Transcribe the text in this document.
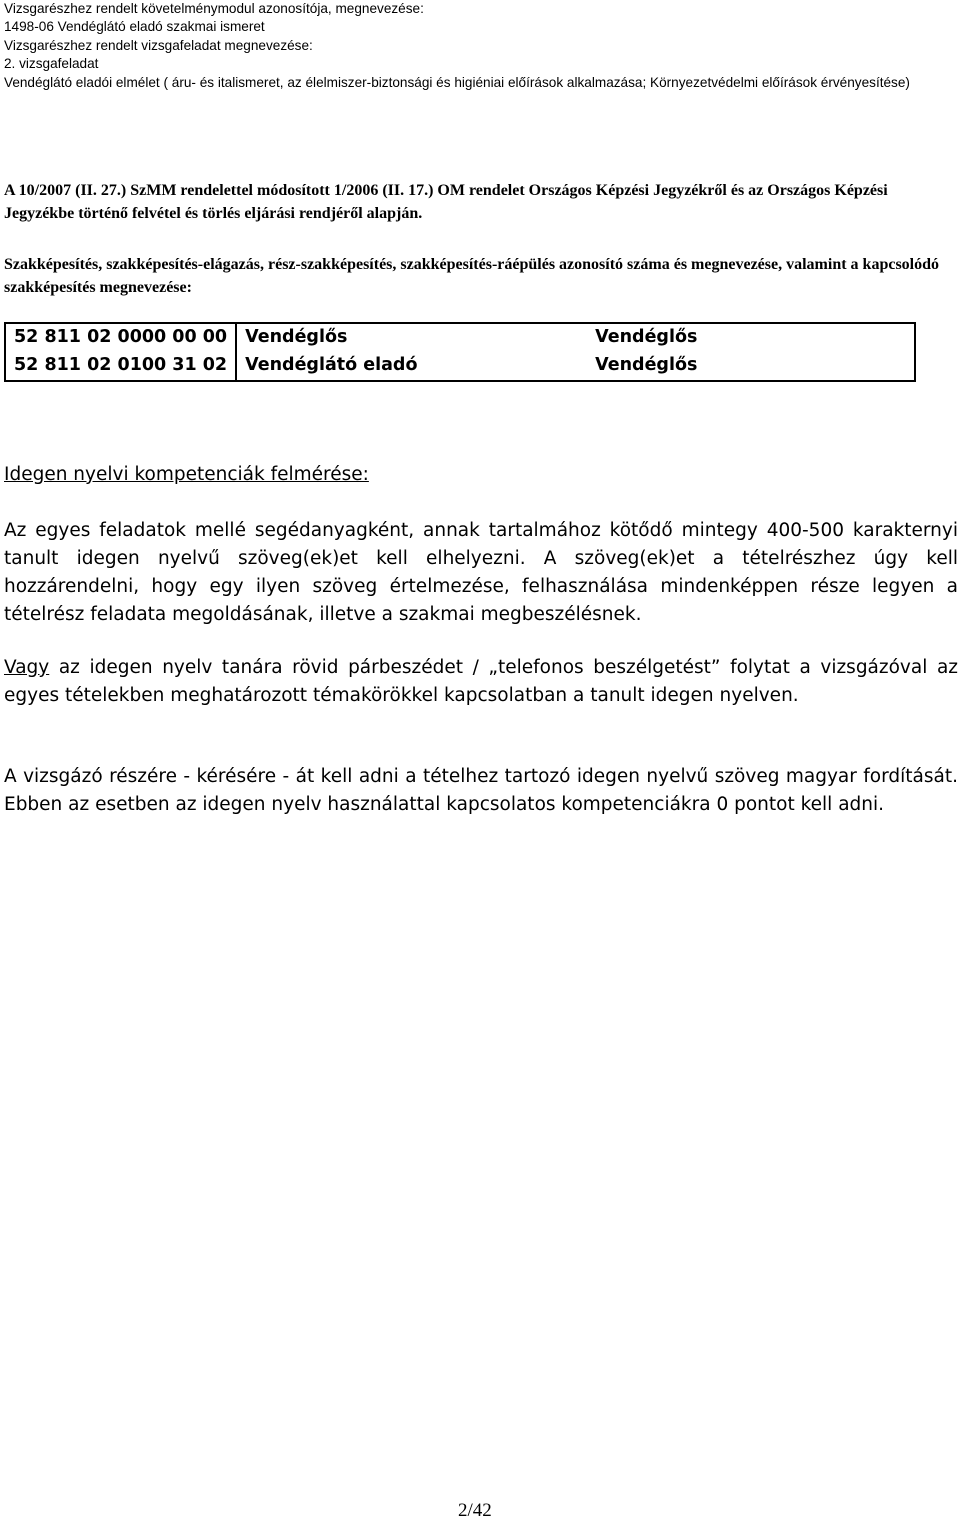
Vizsgarészhez rendelt követelménymodul azonosítója, megnevezése:
1498-06 Vendéglátó eladó szakmai ismeret
Vizsgarészhez rendelt vizsgafeladat megnevezése:
2. vizsgafeladat
Vendéglátó eladói elmélet ( áru- és italismeret, az élelmiszer-biztonsági és higiéniai előírások alkalmazása; Környezetvédelmi előírások érvényesítése)

A 10/2007 (II. 27.) SzMM rendelettel módosított 1/2006 (II. 17.) OM rendelet Országos Képzési Jegyzékről és az Országos Képzési Jegyzékbe történő felvétel és törlés eljárási rendjéről alapján.

Szakképesítés, szakképesítés-elágazás, rész-szakképesítés, szakképesítés-ráépülés azonosító száma és megnevezése, valamint a kapcsolódó szakképesítés megnevezése:

52 811 02 0000 00 00	Vendéglős	Vendéglős
52 811 02 0100 31 02	Vendéglátó eladó	Vendéglős
Idegen nyelvi kompetenciák felmérése:

Az egyes feladatok mellé segédanyagként, annak tartalmához kötődő mintegy 400-500 karakternyi tanult idegen nyelvű szöveg(ek)et kell elhelyezni. A szöveg(ek)et a tételrészhez úgy kell hozzárendelni, hogy egy ilyen szöveg értelmezése, felhasználása mindenképpen része legyen a tételrész feladata megoldásának, illetve a szakmai megbeszélésnek.

Vagy az idegen nyelv tanára rövid párbeszédet / „telefonos beszélgetést” folytat a vizsgázóval az egyes tételekben meghatározott témakörökkel kapcsolatban a tanult idegen nyelven.

A vizsgázó részére - kérésére - át kell adni a tételhez tartozó idegen nyelvű szöveg magyar fordítását. Ebben az esetben az idegen nyelv használattal kapcsolatos kompetenciákra 0 pontot kell adni.

2/42
